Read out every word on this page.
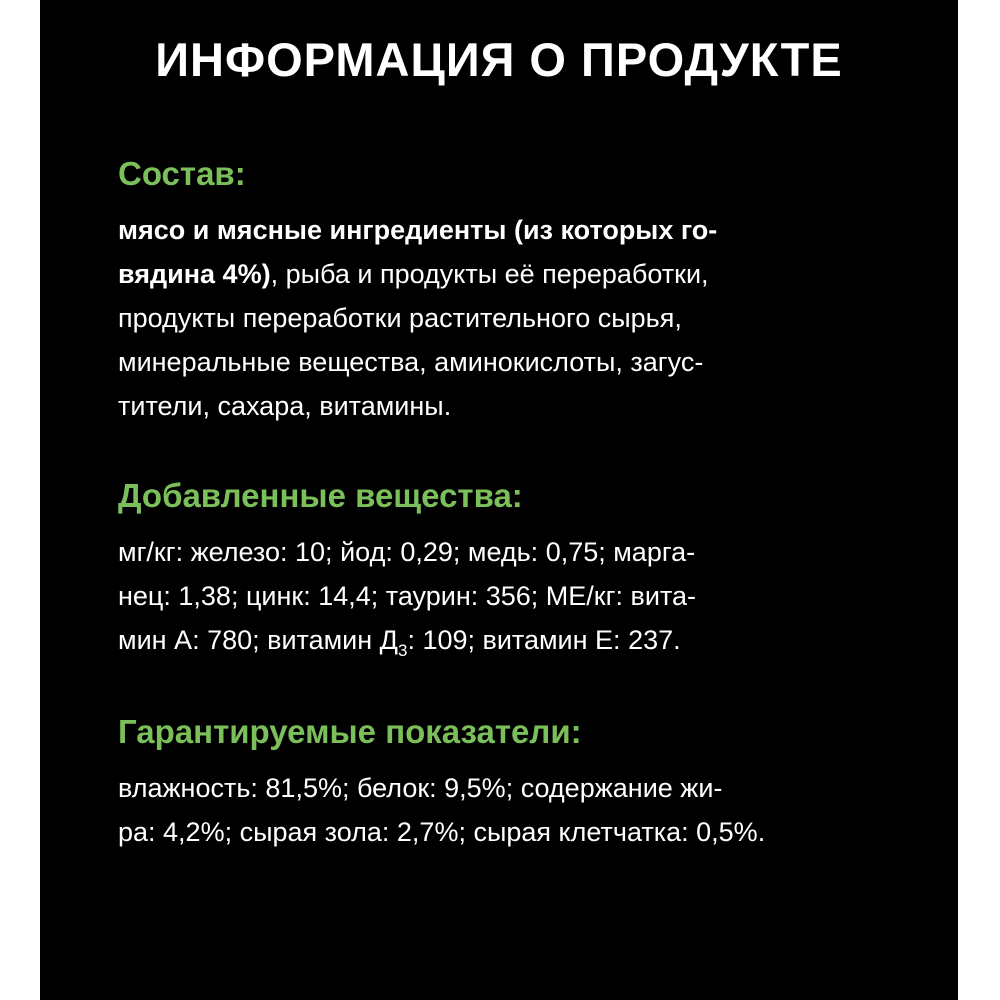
ИНФОРМАЦИЯ О ПРОДУКТЕ
Состав:
мясо и мясные ингредиенты (из которых го-
вядина 4%), рыба и продукты её переработки,
продукты переработки растительного сырья,
минеральные вещества, аминокислоты, загус-
тители, сахара, витамины.
Добавленные вещества:
мг/кг: железо: 10; йод: 0,29; медь: 0,75; марга-
нец: 1,38; цинк: 14,4; таурин: 356; МЕ/кг: вита-
мин А: 780; витамин $Д_3$: 109; витамин Е: 237.
Гарантируемые показатели:
влажность: 81,5%; белок: 9,5%; содержание жи-
ра: 4,2%; сырая зола: 2,7%; сырая клетчатка: 0,5%.
